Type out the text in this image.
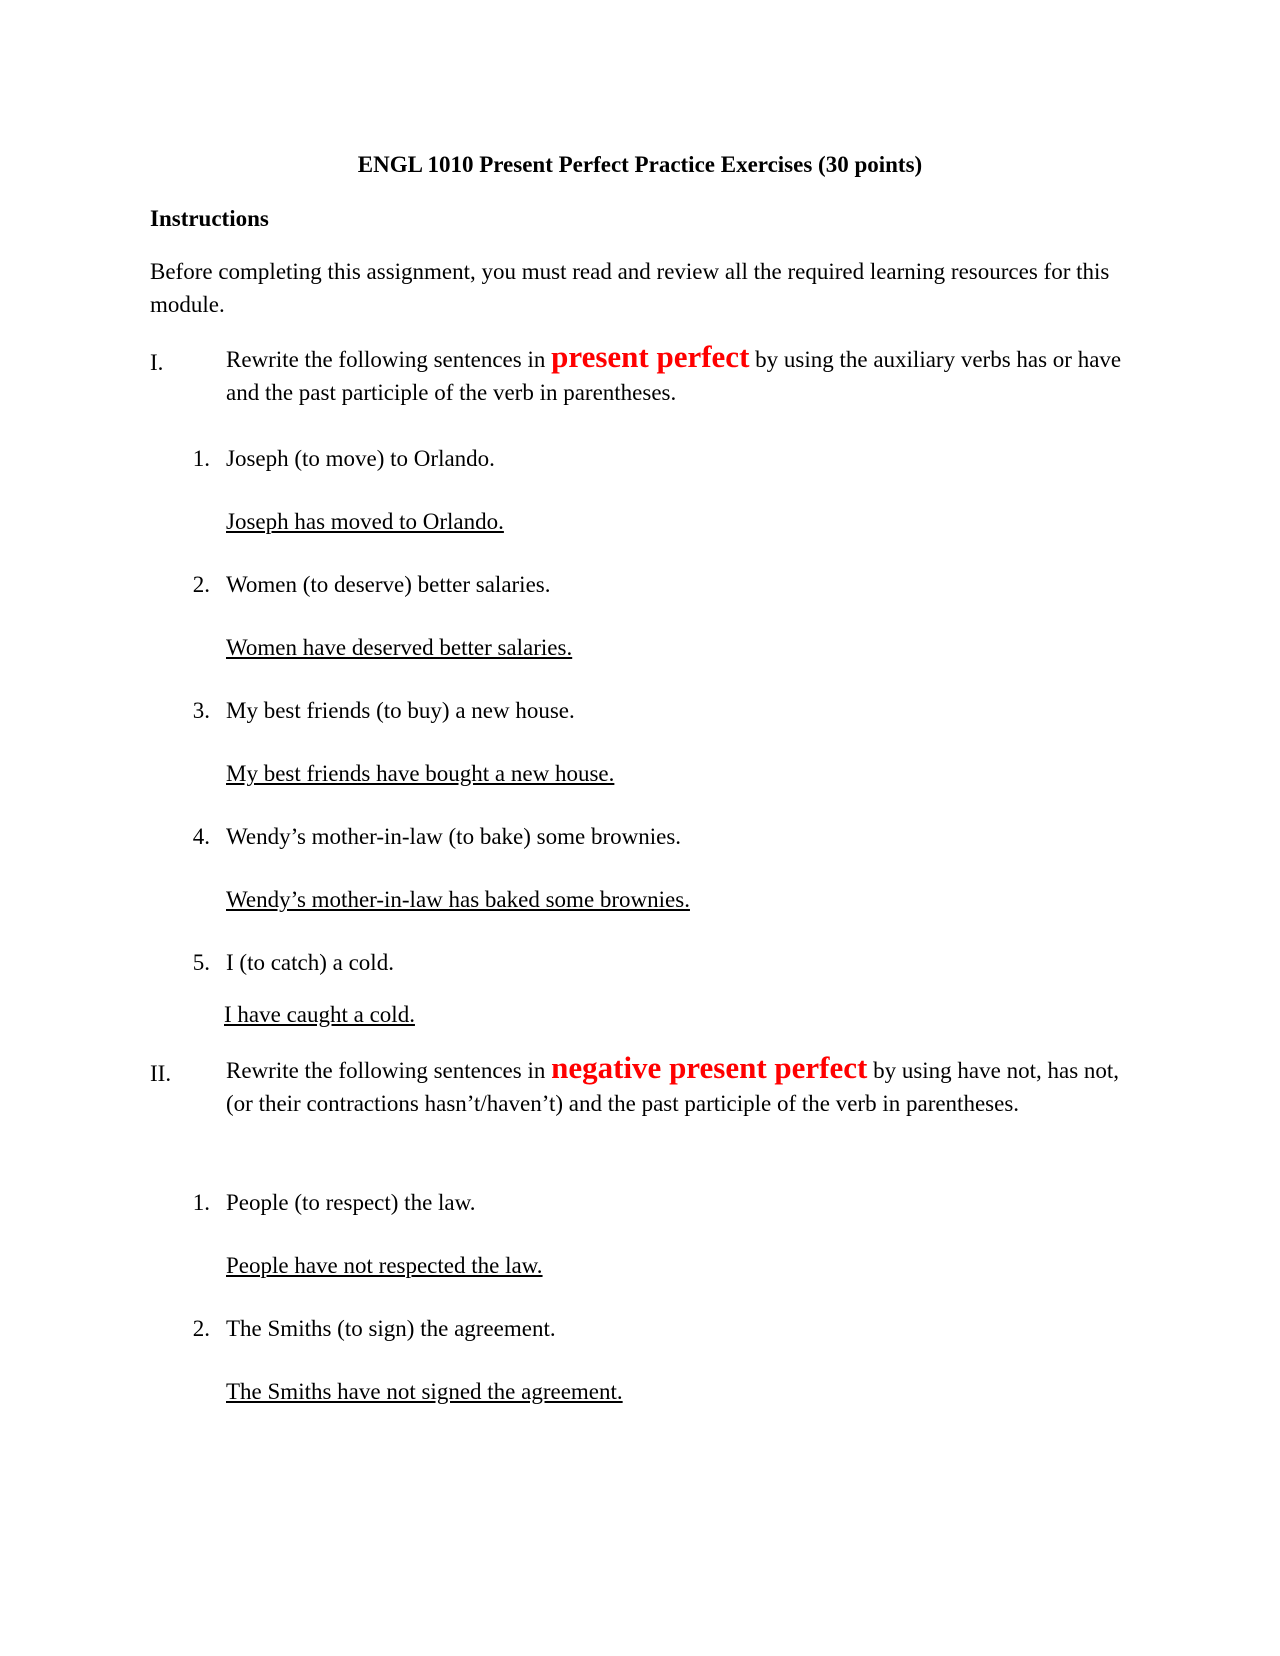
ENGL 1010 Present Perfect Practice Exercises (30 points)
Instructions
Before completing this assignment, you must read and review all the required learning resources for this module.
I.	Rewrite the following sentences in present perfect by using the auxiliary verbs has or have and the past participle of the verb in parentheses.
1. Joseph (to move) to Orlando.
Joseph has moved to Orlando.
2. Women (to deserve) better salaries.
Women have deserved better salaries.
3. My best friends (to buy) a new house.
My best friends have bought a new house.
4. Wendy’s mother-in-law (to bake) some brownies.
Wendy’s mother-in-law has baked some brownies.
5. I (to catch) a cold.
I have caught a cold.
II. Rewrite the following sentences in negative present perfect by using have not, has not, (or their contractions hasn’t/haven’t) and the past participle of the verb in parentheses.
1. People (to respect) the law.
People have not respected the law.
2. The Smiths (to sign) the agreement.
The Smiths have not signed the agreement.
